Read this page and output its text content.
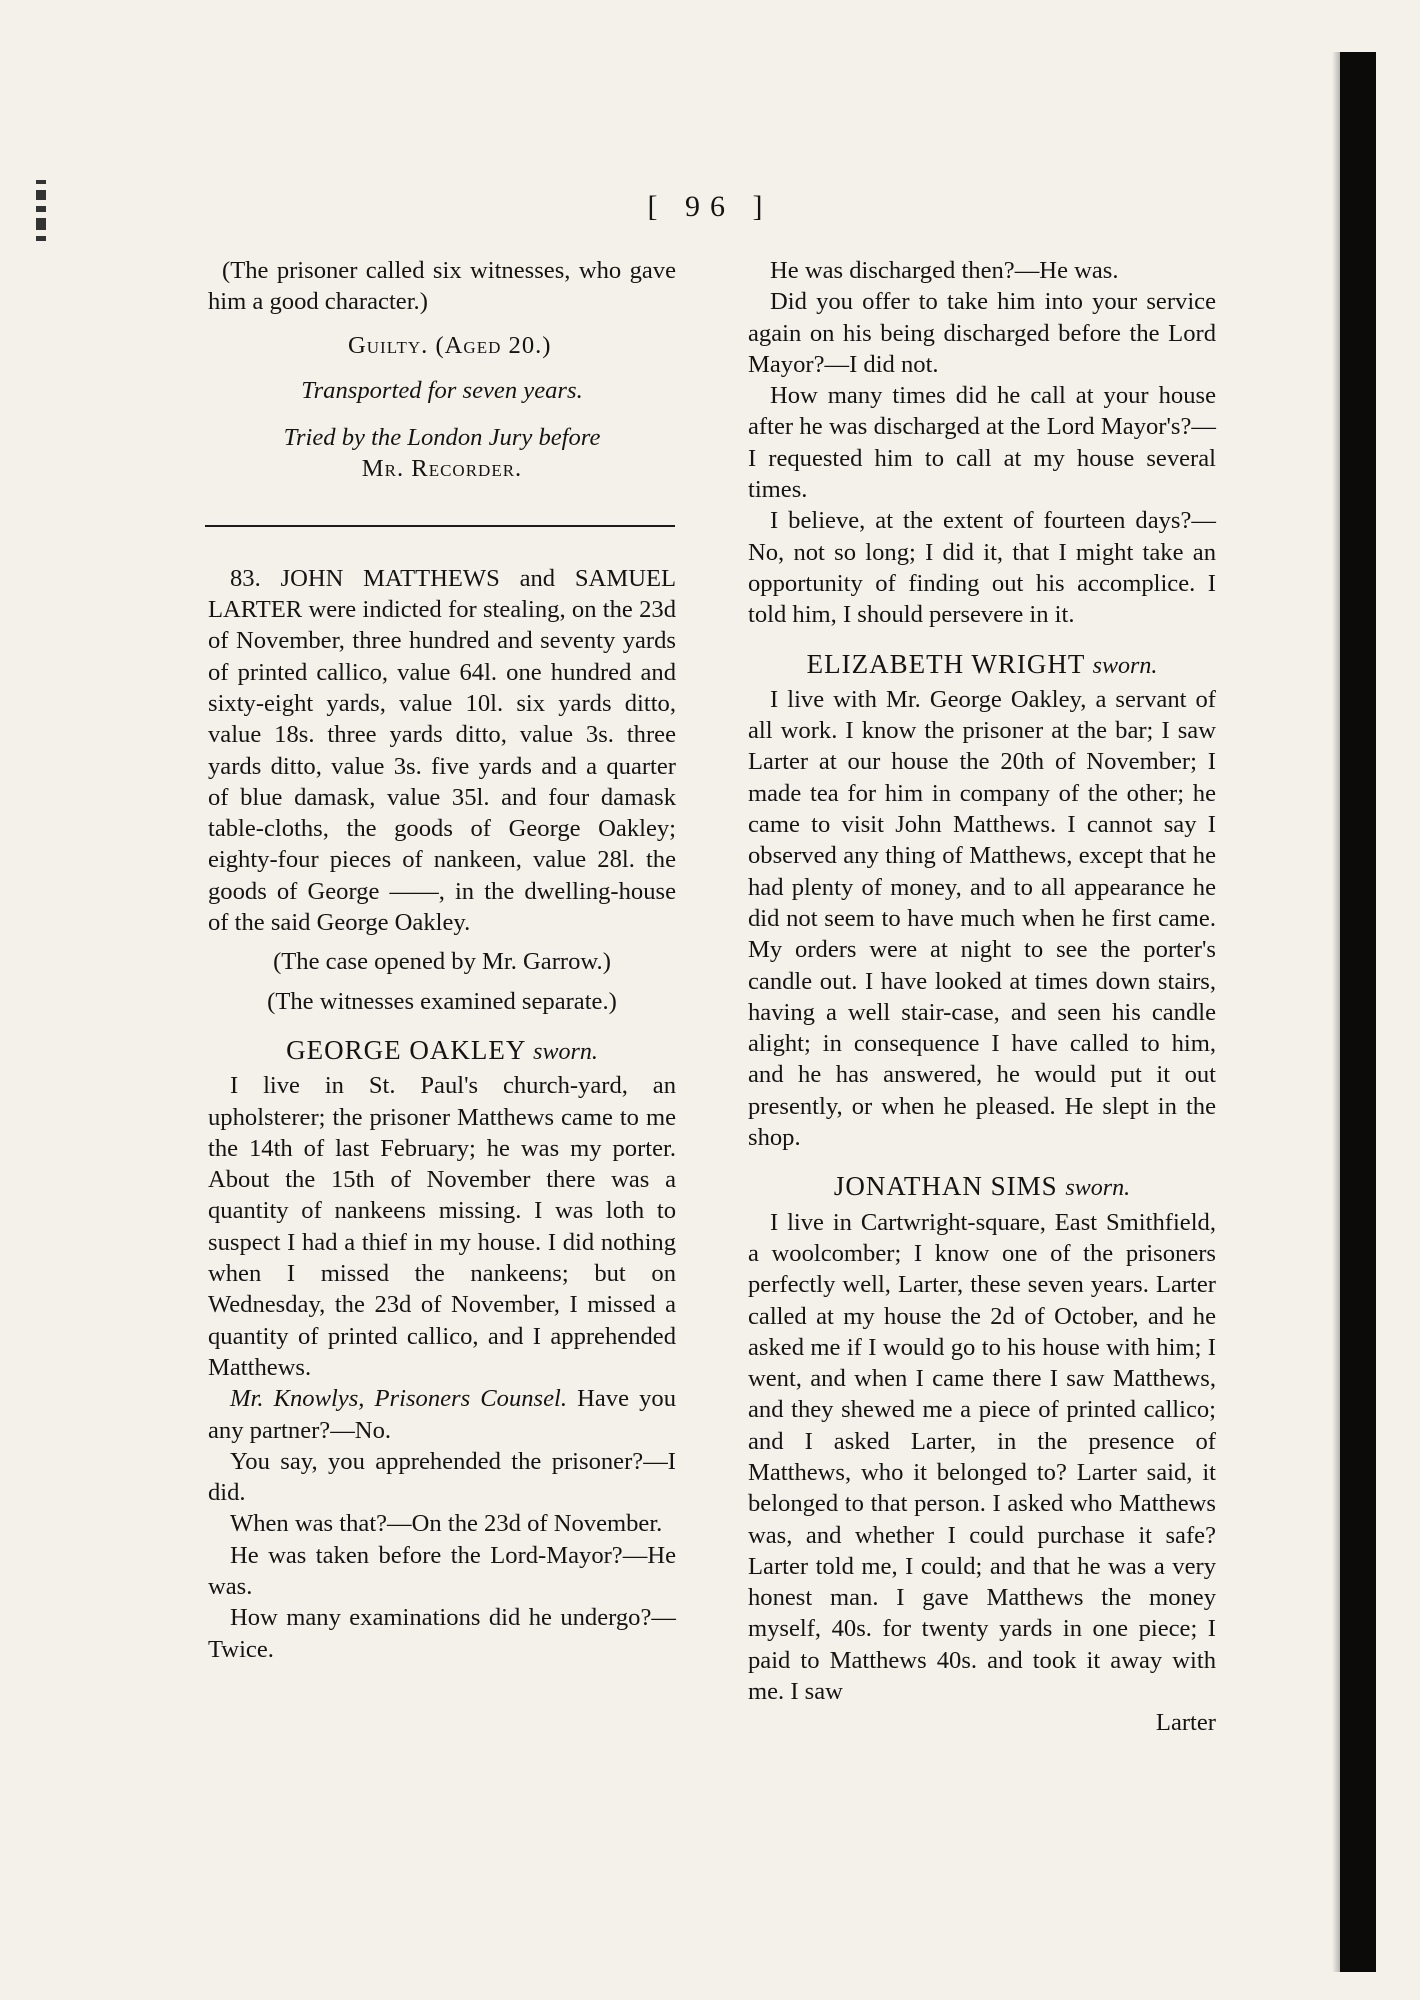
[ 96 ]

(The prisoner called six witnesses, who gave him a good character.)

Guilty. (Aged 20.)

Transported for seven years.

Tried by the London Jury before
Mr. Recorder.

83. JOHN MATTHEWS and SAMUEL LARTER were indicted for stealing, on the 23d of November, three hundred and seventy yards of printed callico, value 64l. one hundred and sixty-eight yards, value 10l. six yards ditto, value 18s. three yards ditto, value 3s. three yards ditto, value 3s. five yards and a quarter of blue damask, value 35l. and four damask table-cloths, the goods of George Oakley; eighty-four pieces of nankeen, value 28l. the goods of George ——, in the dwelling-house of the said George Oakley.

(The case opened by Mr. Garrow.)

(The witnesses examined separate.)

GEORGE OAKLEY sworn.

I live in St. Paul's church-yard, an upholsterer; the prisoner Matthews came to me the 14th of last February; he was my porter. About the 15th of November there was a quantity of nankeens missing. I was loth to suspect I had a thief in my house. I did nothing when I missed the nankeens; but on Wednesday, the 23d of November, I missed a quantity of printed callico, and I apprehended Matthews.

Mr. Knowlys, Prisoners Counsel. Have you any partner?—No.

You say, you apprehended the prisoner?—I did.

When was that?—On the 23d of November.

He was taken before the Lord-Mayor?—He was.

How many examinations did he undergo?—Twice.

He was discharged then?—He was.

Did you offer to take him into your service again on his being discharged before the Lord Mayor?—I did not.

How many times did he call at your house after he was discharged at the Lord Mayor's?—I requested him to call at my house several times.

I believe, at the extent of fourteen days?—No, not so long; I did it, that I might take an opportunity of finding out his accomplice. I told him, I should persevere in it.

ELIZABETH WRIGHT sworn.

I live with Mr. George Oakley, a servant of all work. I know the prisoner at the bar; I saw Larter at our house the 20th of November; I made tea for him in company of the other; he came to visit John Matthews. I cannot say I observed any thing of Matthews, except that he had plenty of money, and to all appearance he did not seem to have much when he first came. My orders were at night to see the porter's candle out. I have looked at times down stairs, having a well stair-case, and seen his candle alight; in consequence I have called to him, and he has answered, he would put it out presently, or when he pleased. He slept in the shop.

JONATHAN SIMS sworn.

I live in Cartwright-square, East Smithfield, a woolcomber; I know one of the prisoners perfectly well, Larter, these seven years. Larter called at my house the 2d of October, and he asked me if I would go to his house with him; I went, and when I came there I saw Matthews, and they shewed me a piece of printed callico; and I asked Larter, in the presence of Matthews, who it belonged to? Larter said, it belonged to that person. I asked who Matthews was, and whether I could purchase it safe? Larter told me, I could; and that he was a very honest man. I gave Matthews the money myself, 40s. for twenty yards in one piece; I paid to Matthews 40s. and took it away with me. I saw

Larter
